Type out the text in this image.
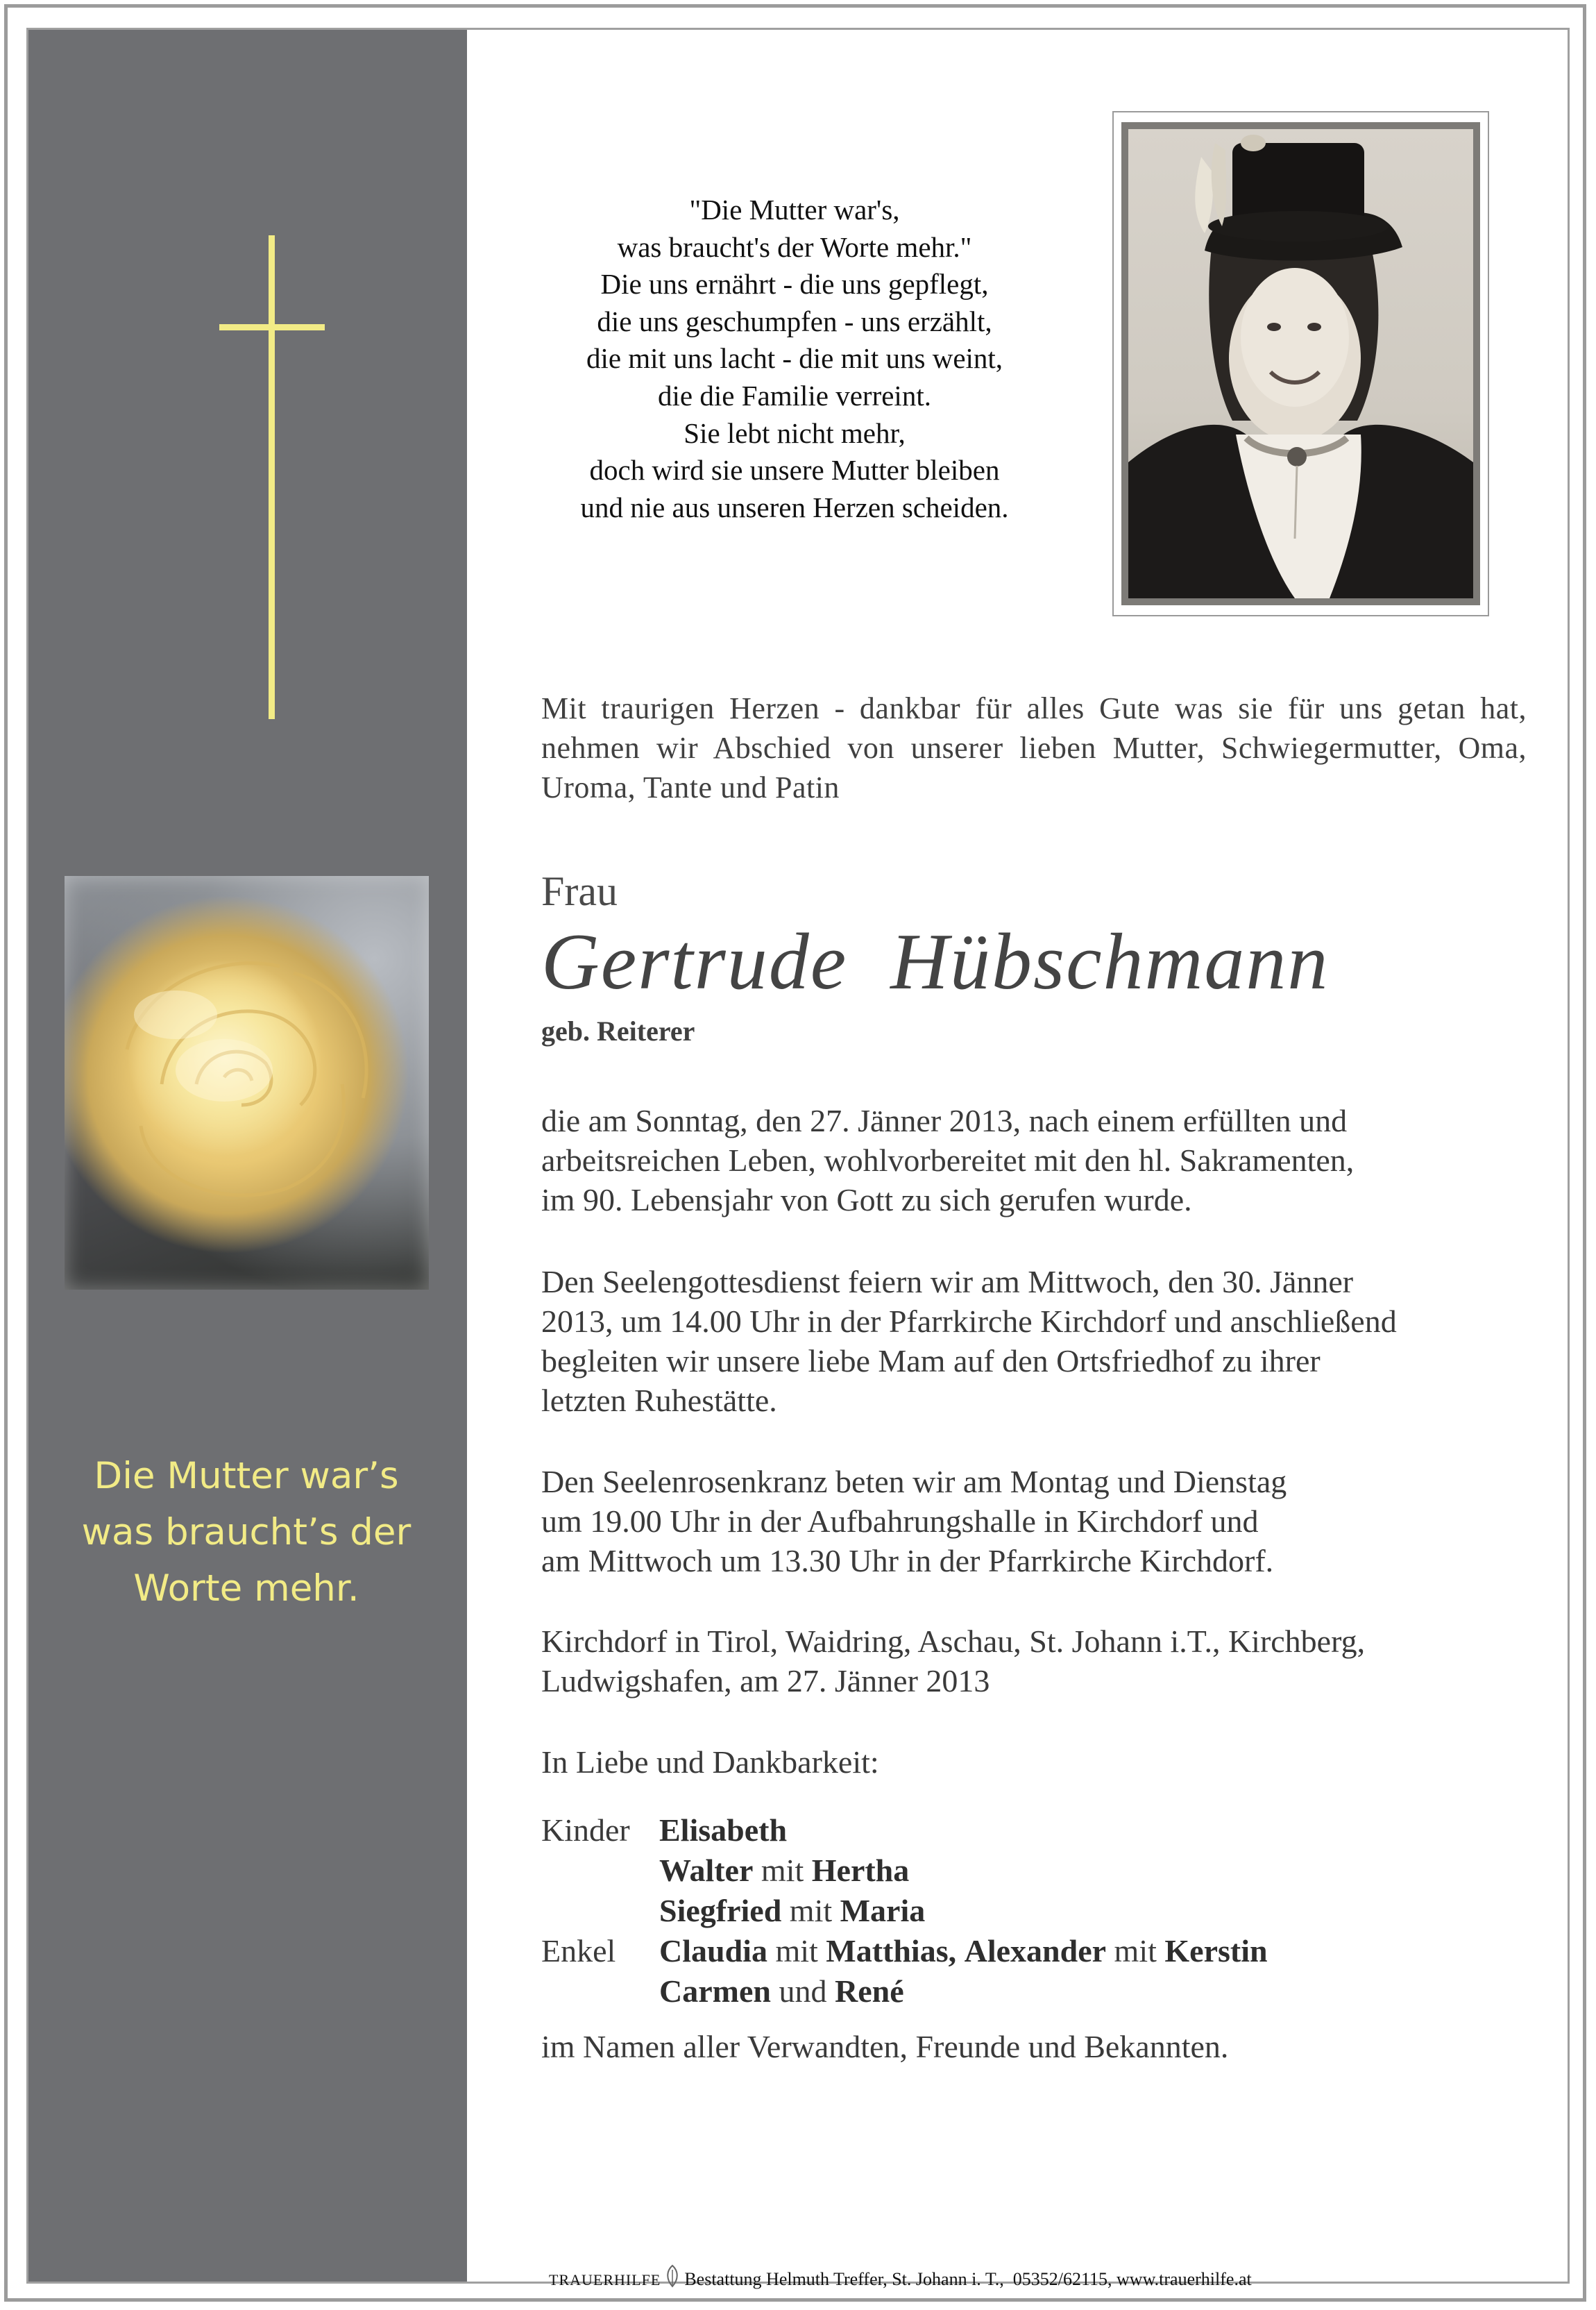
Die Mutter war’s
was braucht’s der
Worte mehr.
"Die Mutter war's,
was braucht's der Worte mehr."
Die uns ernährt - die uns gepflegt,
die uns geschumpfen - uns erzählt,
die mit uns lacht - die mit uns weint,
die die Familie verreint.
Sie lebt nicht mehr,
doch wird sie unsere Mutter bleiben
und nie aus unseren Herzen scheiden.
Mit traurigen Herzen - dankbar für alles Gute was sie für uns getan hat, nehmen wir Abschied von unserer lieben Mutter, Schwiegermutter, Oma, Uroma, Tante und Patin
Frau
Gertrude  Hübschmann
geb. Reiterer
die am Sonntag, den 27. Jänner 2013, nach einem erfüllten und
arbeitsreichen Leben, wohlvorbereitet mit den hl. Sakramenten,
im 90. Lebensjahr von Gott zu sich gerufen wurde.
Den Seelengottesdienst feiern wir am Mittwoch, den 30. Jänner
2013, um 14.00 Uhr in der Pfarrkirche Kirchdorf und anschließend
begleiten wir unsere liebe Mam auf den Ortsfriedhof zu ihrer
letzten Ruhestätte.
Den Seelenrosenkranz beten wir am Montag und Dienstag
um 19.00 Uhr in der Aufbahrungshalle in Kirchdorf und
am Mittwoch um 13.30 Uhr in der Pfarrkirche Kirchdorf.
Kirchdorf in Tirol, Waidring, Aschau, St. Johann i.T., Kirchberg,
Ludwigshafen, am 27. Jänner 2013
In Liebe und Dankbarkeit:

Kinder

Elisabeth

Walter mit Hertha

Siegfried mit Maria

Enkel

Claudia mit Matthias, Alexander mit Kerstin

Carmen und René

im Namen aller Verwandten, Freunde und Bekannten.

TRAUERHILFE Bestattung Helmuth Treffer, St. Johann i. T.,  05352/62115, www.trauerhilfe.at
